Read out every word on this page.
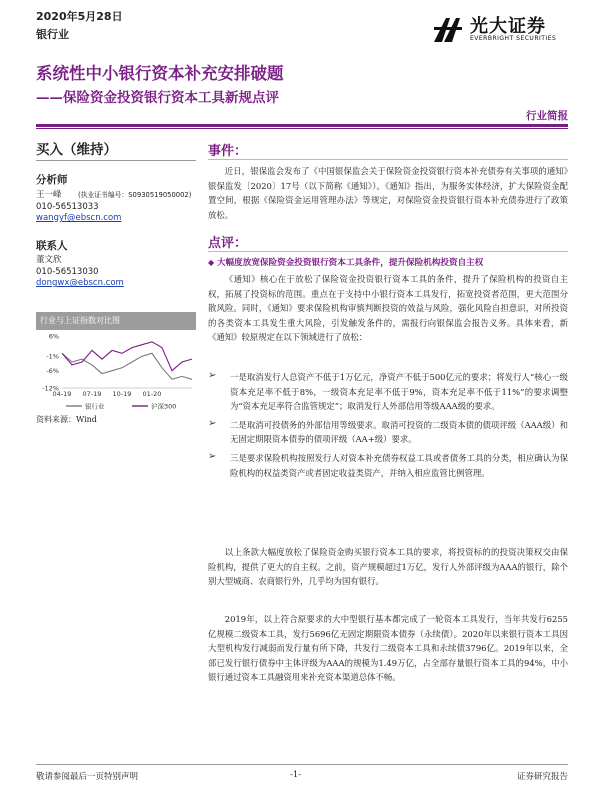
2020年5月28日
银行业	光大证券
EVERBRIGHT SECURITIES
系统性中小银行资本补充安排破题
——保险资金投资银行资本工具新规点评
行业简报
买入（维持）
分析师
王一峰 (执业证书编号：S0930519050002)
010-56513033
wangyf@ebscn.com
联系人
董文欣
010-56513030
dongwx@ebscn.com
行业与上证指数对比图
6%
-1%
-6%
-12%
04-19 07-19 10-19 01-20
银行业	沪深300
资料来源：Wind
事件：
近日，银保监会发布了《中国银保监会关于保险资金投资银行资本补充债券有关事项的通知》银保监发〔2020〕17号（以下简称《通知》）。《通知》指出，为服务实体经济，扩大保险资金配置空间，根据《保险资金运用管理办法》等规定，对保险资金投资银行资本补充债券进行了政策放松。
点评：
◆ 大幅度放宽保险资金投资银行资本工具条件，提升保险机构投资自主权
《通知》核心在于放松了保险资金投资银行资本工具的条件，提升了保险机构的投资自主权，拓展了投资标的范围。重点在于支持中小银行资本工具发行，拓宽投资者范围，更大范围分散风险。同时，《通知》要求保险机构审慎判断投资的效益与风险，强化风险自担意识，对所投资的各类资本工具发生重大风险，引发触发条件的，需报行向银保监会报告义务。具体来看，新《通知》较原规定在以下领域进行了放松：
➢	一是取消发行人总资产不低于1万亿元，净资产不低于500亿元的要求；将发行人“核心一级资本充足率不低于8%，一级资本充足率不低于9%，资本充足率不低于11%”的要求调整为“资本充足率符合监管规定”；取消发行人外部信用等级AAA级的要求。
➢	二是取消可投债务的外部信用等级要求。取消可投资的二级资本债的债项评级（AAA级）和无固定期限资本债券的债项评级（AA+级）要求。
➢	三是要求保险机构按照发行人对资本补充债券权益工具或者债务工具的分类，相应确认为保险机构的权益类资产或者固定收益类资产，并纳入相应监管比例管理。
以上条款大幅度放松了保险资金购买银行资本工具的要求，将投资标的的投资决策权交由保险机构，提供了更大的自主权。之前，资产规模超过1万亿，发行人外部评级为AAA的银行，除个别大型城商、农商银行外，几乎均为国有银行。
2019年，以上符合原要求的大中型银行基本都完成了一轮资本工具发行，当年共发行6255亿规模二级资本工具，发行5696亿无固定期限资本债券（永续债）。2020年以来银行资本工具因大型机构发行减弱而发行量有所下降，共发行二级资本工具和永续债3796亿。2019年以来，全部已发行银行债券中主体评级为AAA的规模为1.49万亿，占全部存量银行资本工具的94%，中小银行通过资本工具融资用来补充资本渠道总体不畅。
敬请参阅最后一页特别声明	-1-	证券研究报告
